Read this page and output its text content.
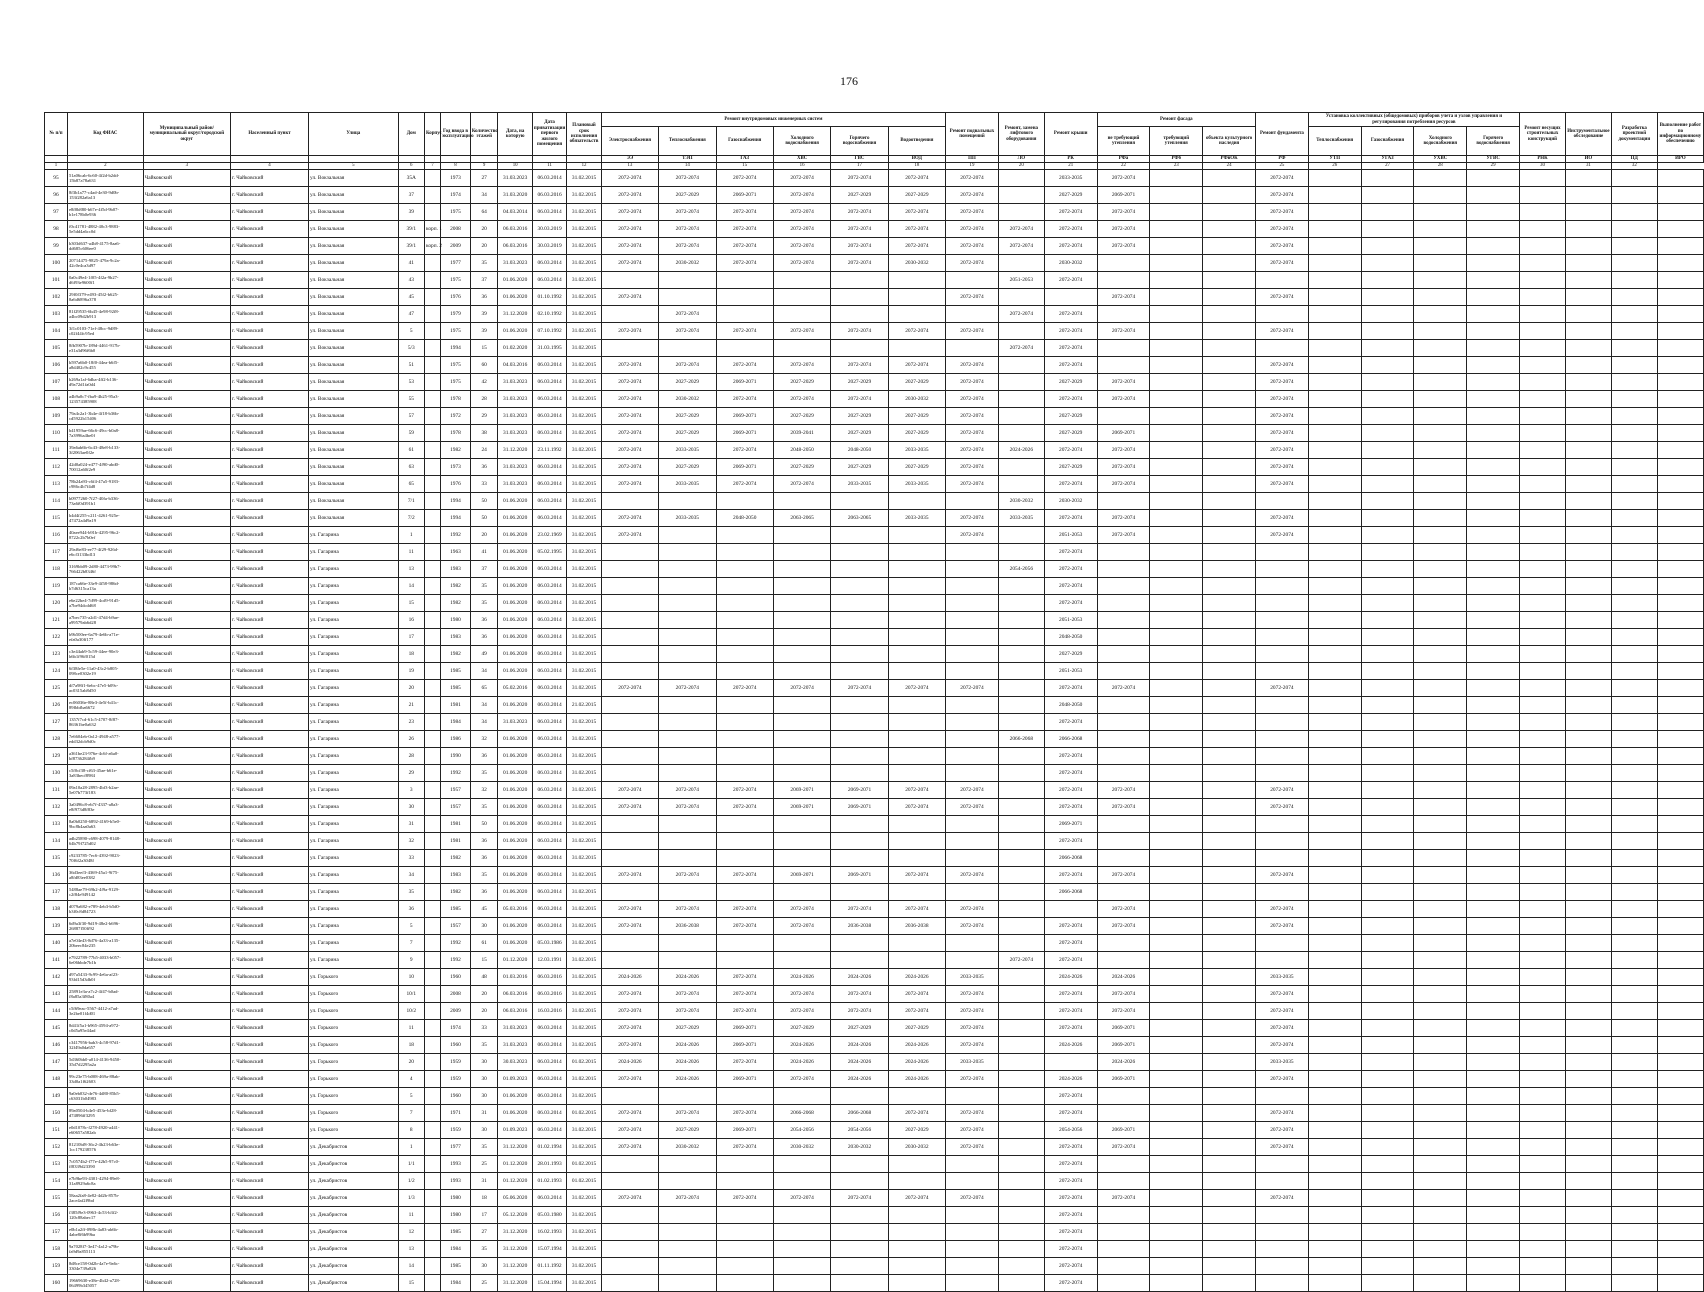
176
№ п/п	Код ФИАС	Муниципальный район/муниципальный округ/городской округ	Населенный пункт	Улица	Дом	Корпус	Год ввода в эксплуатацию	Количество этажей	Дата, на которую	Дата приватизации первого жилого помещения	Плановый срок исполнения обязательств	Ремонт внутридомовых инженерных систем						Ремонт подвальных помещений	Ремонт, замена лифтового оборудования	Ремонт крыши	Ремонт фасада			Ремонт фундамента	Установка коллективных (общедомовых) приборов учета и узлов управления и регулирования потребления ресурсов				Ремонт несущих строительных конструкций	Инструментальное обследование	Разработка проектной документации	Выполнение работ по информационному обеспечению
												Электроснабжения	Теплоснабжения	Газоснабжения	Холодного водоснабжения	Горячего водоснабжения	Водоотведения				не требующий утепления	требующий утепления	объекта культурного наследия		Теплоснабжения	Газоснабжения	Холодного водоснабжения	Горячего водоснабжения				
												ЭЭ	ТЭП	ГАЗ	ХВС	ГВС	ВОД	ПП	ЛО	РК	РФа	РФб	РФвОК	РФ	УТП	УГАЗ	УХВС	УГВС	РНК	ИО	ПД	ИРО
1	2	3	4	5	6	7	8	9	10	11	12	13	14	15	16	17	18	19	20	21	22	23	24	25	26	27	28	29	30	31	32	
95	51a06cab-6c60-4f2d-b2dd-15b87a78a631	Чайковский	г. Чайковский	ул. Вокзальная	35А		1973	27	31.03.2023	06.03.2014	31.02.2015	2072-2074	2072-2074	2072-2074	2072-2074	2072-2074	2072-2074	2072-2074		2033-2035	2072-2074			2072-2074								
96	8f3b1a77-c4ad-4e30-9d0b-153f282a6a13	Чайковский	г. Чайковский	ул. Вокзальная	37		1974	34	31.03.2020	06.03.2016	31.02.2015	2072-2074	2027-2029	2069-2071	2072-2074	2027-2029	2027-2029	2072-2074		2027-2029	2069-2071			2072-2074								
97	e8f0b880-b67e-4f5d-9b07-b1e178b0e936	Чайковский	г. Чайковский	ул. Вокзальная	39		1975	64	04.03.2014	06.03.2014	31.02.2015	2072-2074	2072-2074	2072-2074	2072-2074	2072-2074	2072-2074	2072-2074		2072-2074	2072-2074			2072-2074								
98	f0c41781-4882-40c3-9883-5e5dd4a6cc0d	Чайковский	г. Чайковский	ул. Вокзальная	39/1	корп. 1	2008	20	06.03.2016	30.03.2019	31.02.2015	2072-2074	2072-2074	2072-2074	2072-2074	2072-2074	2072-2074	2072-2074	2072-2074	2072-2074	2072-2074			2072-2074								
99	b303d637-a4b8-4175-8aa6-dd685c606ee0	Чайковский	г. Чайковский	ул. Вокзальная	39/1	корп. 2	2009	20	06.03.2016	30.03.2019	31.02.2015	2072-2074	2072-2074	2072-2074	2072-2074	2072-2074	2072-2074	2072-2074	2072-2074	2072-2074	2072-2074			2072-2074								
100	20714475-9825-479a-9c2a-42c0e4ca3d97	Чайковский	г. Чайковский	ул. Вокзальная	41		1977	35	31.03.2023	06.03.2014	31.02.2015	2072-2074	2030-2032	2072-2074	2072-2074	2072-2074	2030-2032	2072-2074		2030-2032				2072-2074								
101	0a0c49e4-1f05-4f2a-9b27-d6f93e9600f1	Чайковский	г. Чайковский	ул. Вокзальная	43		1975	37	01.06.2020	06.03.2014	31.02.2015								2051-2053	2072-2074												
102	29f0f379-e493-45f2-b625-8a6d6896a378	Чайковский	г. Чайковский	ул. Вокзальная	45		1976	36	01.06.2020	01.10.1992	31.02.2015	2072-2074						2072-2074			2072-2074			2072-2074								
103	81f29535-6b45-4e98-92f8-a4bc09d2b913	Чайковский	г. Чайковский	ул. Вокзальная	47		1979	39	31.12.2020	02.10.1992	31.02.2015		2072-2074						2072-2074	2072-2074												
104	3f1c0103-71ef-48cc-9d89-c02f44fc95ed	Чайковский	г. Чайковский	ул. Вокзальная	5		1975	39	01.06.2020	07.10.1992	31.02.2015	2072-2074	2072-2074	2072-2074	2072-2074	2072-2074	2072-2074	2072-2074		2072-2074	2072-2074			2072-2074								
105	8fb5907b-189d-4461-917b-e31a3d96f6b0	Чайковский	г. Чайковский	ул. Вокзальная	5/3		1994	15	01.02.2020	31.03.1995	31.02.2015								2072-2074	2072-2074												
106	b597a6b0-18f0-44ea-b6f5-a8d402c9c455	Чайковский	г. Чайковский	ул. Вокзальная	51		1975	60	04.03.2016	06.03.2014	31.02.2015	2072-2074	2072-2074	2072-2074	2072-2074	2072-2074	2072-2074	2072-2074		2072-2074				2072-2074								
107	b269a1af-6dba-4ff2-b136-d9a72d1fa0d4	Чайковский	г. Чайковский	ул. Вокзальная	53		1975	42	31.03.2023	06.03.2014	31.02.2015	2072-2074	2027-2029	2069-2071	2027-2029	2027-2029	2027-2029	2072-2074		2027-2029	2072-2074			2072-2074								
108	a4b9a0c7-fba9-4b25-95a3-123574385908	Чайковский	г. Чайковский	ул. Вокзальная	55		1978	28	31.03.2023	06.03.2014	31.02.2015	2072-2074	2030-2032	2072-2074	2072-2074	2072-2074	2030-2032	2072-2074		2072-2074	2072-2074			2072-2074								
109	79a4c2a1-3b4e-4f18-b36b-cd5922b15406	Чайковский	г. Чайковский	ул. Вокзальная	57		1972	29	31.03.2023	06.03.2014	31.02.2015	2072-2074	2027-2029	2069-2071	2027-2029	2027-2029	2027-2029	2072-2074		2027-2029				2072-2074								
110	b41959ae-66c6-49cc-b0a8-7a3996a4be0f	Чайковский	г. Чайковский	ул. Вокзальная	59		1978	38	31.03.2023	06.03.2014	31.02.2015	2072-2074	2027-2029	2069-2071	2039-2041	2027-2029	2027-2029	2072-2074		2027-2029	2069-2071			2072-2074								
111	39a6ab6b-6c43-48e8-b133-3f2063ae0f2e	Чайковский	г. Чайковский	ул. Вокзальная	61		1982	24	31.12.2020	23.11.1992	31.02.2015	2072-2074	2033-2035	2072-2074	2048-2050	2048-2050	2033-2035	2072-2074	2024-2026	2072-2074	2072-2074			2072-2074								
112	42d0a024-e477-4f90-abd0-70012a60f2e9	Чайковский	г. Чайковский	ул. Вокзальная	63		1973	36	31.03.2023	06.03.2014	31.02.2015	2072-2074	2027-2029	2069-2071	2027-2029	2027-2029	2027-2029	2072-2074		2027-2029	2072-2074			2072-2074								
113	78b24a93-c6f4-47a5-9183-c986c4b7f4d8	Чайковский	г. Чайковский	ул. Вокзальная	65		1976	33	31.03.2023	06.03.2014	31.02.2015	2072-2074	2033-2035	2072-2074	2072-2074	2033-2035	2033-2035	2072-2074		2072-2074	2072-2074			2072-2074								
114	b0977260-7f27-40fa-b336-73a6f0d391b1	Чайковский	г. Чайковский	ул. Вокзальная	7/1		1994	50	01.06.2020	06.03.2014	31.02.2015								2030-2032	2030-2032												
115	b4d4f255-c211-4261-925e-47472a4d9a19	Чайковский	г. Чайковский	ул. Вокзальная	7/2		1994	50	01.06.2020	06.03.2014	31.02.2015	2072-2074	2033-2035	2048-2050	2063-2065	2063-2065	2033-2035	2072-2074	2033-2035	2072-2074	2072-2074			2072-2074								
116	40aee944-b91b-4295-96c2-8722c2b7b0ef	Чайковский	г. Чайковский	ул. Гагарина	1		1992	20	01.06.2020	23.02.1969	31.02.2015	2072-2074						2072-2074		2051-2053	2072-2074			2072-2074								
117	29af6e83-ee77-4f29-926d-e6cf3133bd13	Чайковский	г. Чайковский	ул. Гагарина	11		1963	41	01.06.2020	05.02.1995	31.02.2015									2072-2074												
118	3169bb09-2d80-4473-99b7-766422b8346f	Чайковский	г. Чайковский	ул. Гагарина	13		1983	37	01.06.2020	06.03.2014	31.02.2015								2054-2056	2072-2074												
119	187ca66e-33e9-4f58-986d-b7d6315ca13a	Чайковский	г. Чайковский	ул. Гагарина	14		1982	35	01.06.2020	06.03.2014	31.02.2015									2072-2074												
120	e6e22be4-7d99-4cd9-91d5-a7be94dcdd68	Чайковский	г. Чайковский	ул. Гагарина	15		1982	35	01.06.2020	06.03.2014	31.02.2015									2072-2074												
121	a7bec735-a2d1-47d4-b9ae-a99579ab6d28	Чайковский	г. Чайковский	ул. Гагарина	16		1980	36	01.06.2020	06.03.2014	31.02.2015									2051-2053												
122	b9b500ee-6a79-4e6b-a71e-efa0a30ff177	Чайковский	г. Чайковский	ул. Гагарина	17		1983	36	01.06.2020	06.03.2014	31.02.2015									2048-2050												
123	c3e44ab9-5c59-44ee-90e3-b6b1f96f015d	Чайковский	г. Чайковский	ул. Гагарина	18		1982	49	01.06.2020	06.03.2014	31.02.2015									2027-2029												
124	6f38fe5e-11a0-43c2-b805-098ce0302e19	Чайковский	г. Чайковский	ул. Гагарина	19		1985	34	01.06.2020	06.03.2014	31.02.2015									2051-2053												
125	df7a98f1-6ebc-47e5-b09c-ac0315ab8d50	Чайковский	г. Чайковский	ул. Гагарина	20		1985	65	05.02.2016	06.03.2014	31.02.2015	2072-2074	2072-2074	2072-2074	2072-2074	2072-2074	2072-2074	2072-2074		2072-2074	2072-2074			2072-2074								
126	ec06036e-88e3-4e5f-b41c-89fbbfba6672	Чайковский	г. Чайковский	ул. Гагарина	21		1981	34	01.06.2020	06.03.2014	21.02.2015									2048-2050												
127	1357f7cd-61c5-4707-8f87-86361be0a632	Чайковский	г. Чайковский	ул. Гагарина	23		1984	34	31.03.2023	06.03.2014	31.02.2015									2072-2074												
128	7e6604eb-0a12-4948-a577-edd32dcb9d0c	Чайковский	г. Чайковский	ул. Гагарина	26		1986	32	01.06.2020	06.03.2014	31.02.2015								2066-2068	2066-2068												
129	a361be23-976e-4c6f-a6a0-bf8736284fb9	Чайковский	г. Чайковский	ул. Гагарина	28		1990	36	01.06.2020	06.03.2014	31.02.2015									2072-2074												
130	c5f0cf38-cf63-45ae-b61e-3a83becf8984	Чайковский	г. Чайковский	ул. Гагарина	29		1992	35	01.06.2020	06.03.2014	31.02.2015									2072-2074												
131	09a10a28-2895-4bf3-b2ae-5e07b773f183	Чайковский	г. Чайковский	ул. Гагарина	3		1957	32	01.06.2020	06.03.2014	31.02.2015	2072-2074	2072-2074	2072-2074	2069-2071	2069-2071	2072-2074	2072-2074		2072-2074	2072-2074			2072-2074								
132	3a0496c8-eb7f-4337-a8a3-e8f973d8f83e	Чайковский	г. Чайковский	ул. Гагарина	30		1957	35	01.06.2020	06.03.2014	31.02.2015	2072-2074	2072-2074	2072-2074	2069-2071	2069-2071	2072-2074	2072-2074		2072-2074	2072-2074			2072-2074								
133	8a0b0250-6892-4169-b5e0-9bc8b4aa0a63	Чайковский	г. Чайковский	ул. Гагарина	31		1981	50	01.06.2020	06.03.2014	31.02.2015									2069-2071												
134	adb25890-c698-4079-8148-64b79f725d02	Чайковский	г. Чайковский	ул. Гагарина	32		1981	36	01.06.2020	06.03.2014	31.02.2015									2072-2074												
135	c9233785-7ec6-4392-9023-70f6f2a3048f	Чайковский	г. Чайковский	ул. Гагарина	33		1982	36	01.06.2020	06.03.2014	31.02.2015									2066-2068												
136	36d3eef3-4369-45a1-9f75-a8fd83ee0382	Чайковский	г. Чайковский	ул. Гагарина	34		1983	35	01.06.2020	06.03.2014	31.02.2015	2072-2074	2072-2074	2072-2074	2069-2071	2069-2071	2072-2074	2072-2074		2072-2074	2072-2074			2072-2074								
137	5488ae79-69b2-4f9a-9129-c2f84e949142	Чайковский	г. Чайковский	ул. Гагарина	35		1982	36	01.06.2020	06.03.2014	31.02.2015									2066-2068												
138	d079a682-e789-4eb3-b5d0-b3f0c8d84723	Чайковский	г. Чайковский	ул. Гагарина	36		1985	45	05.03.2016	06.03.2014	31.02.2015	2072-2074	2072-2074	2072-2074	2072-2074	2072-2074	2072-2074	2072-2074			2072-2074			2072-2074								
139	6d9a3f30-9d19-48e2-b696-26887f50ff92	Чайковский	г. Чайковский	ул. Гагарина	5		1957	30	01.06.2020	06.03.2014	31.02.2015	2072-2074	2036-2038	2072-2074	2072-2074	2036-2038	2036-2038	2072-2074		2072-2074	2072-2074			2072-2074								
140	a7e04e43-8d76-4a33-a135-20beec84e235	Чайковский	г. Чайковский	ул. Гагарина	7		1992	61	01.06.2020	05.03.1986	31.02.2015									2072-2074												
141	e7922789-77b5-4033-b057-6e06bbde7b1b	Чайковский	г. Чайковский	ул. Гагарина	9		1992	15	01.12.2020	12.03.1991	31.02.2015								2072-2074	2072-2074												
142	d97a5433-9c99-4e6a-af23-93fd15d3db0f	Чайковский	г. Чайковский	ул. Горького	10		1960	48	01.03.2016	06.03.2016	31.02.2015	2024-2026	2024-2026	2072-2074	2024-2026	2024-2026	2024-2026	2033-2035		2024-2026	2024-2026			2033-2035								
143	25891e3a-a7c2-4f47-b0ad-f8a85a3f80a4	Чайковский	г. Чайковский	ул. Горького	10/1		2008	20	06.03.2016	06.03.2016	31.02.2015	2072-2074	2072-2074	2072-2074	2072-2074	2072-2074	2072-2074	2072-2074		2072-2074	2072-2074			2072-2074								
144	c5f69eac-5567-4412-a7ad-3e2be01f4d01	Чайковский	г. Чайковский	ул. Горького	10/2		2009	20	06.03.2016	16.03.2016	31.02.2015	2072-2074	2072-2074	2072-2074	2072-2074	2072-2074	2072-2074	2072-2074		2072-2074	2072-2074			2072-2074								
145	8d41f5a1-b965-4594-a972-c0d5a95e44ad	Чайковский	г. Чайковский	ул. Горького	11		1974	33	31.03.2023	06.03.2014	31.02.2015	2072-2074	2027-2029	2069-2071	2027-2029	2027-2029	2027-2029	2072-2074		2072-2074	2069-2071			2072-2074								
146	c3417956-bab3-4c58-97d1-32f49a0da657	Чайковский	г. Чайковский	ул. Горького	18		1960	35	31.03.2023	06.03.2014	31.02.2015	2072-2074	2024-2026	2069-2071	2024-2026	2024-2026	2024-2026	2072-2074		2024-2026	2069-2071			2072-2074								
147	5d360bb0-a014-4136-9450-35d7d2295a2a	Чайковский	г. Чайковский	ул. Горького	20		1959	30	30.03.2023	06.03.2014	01.02.2015	2024-2026	2024-2026	2072-2074	2024-2026	2024-2026	2024-2026	2033-2035			2024-2026			2033-2035								
148	99c23e75-b008-469a-88ab-33d0a1f62603	Чайковский	г. Чайковский	ул. Горького	4		1959	30	01.09.2023	06.03.2014	31.02.2015	2072-2074	2024-2026	2069-2071	2072-2074	2024-2026	2024-2026	2072-2074		2024-2026	2069-2071			2072-2074								
149	9a0eb032-de76-4d80-85b5-c63031b04983	Чайковский	г. Чайковский	ул. Горького	5		1960	30	01.06.2020	06.03.2014	31.02.2015									2072-2074												
150	89a0504-b4e5-453e-bf28-d74896ff3295	Чайковский	г. Чайковский	ул. Горького	7		1971	31	01.06.2020	06.03.2014	01.02.2015	2072-2074	2072-2074	2072-2074	2066-2068	2066-2068	2072-2074	2072-2074		2072-2074				2072-2074								
151	e0d1078c-f278-4920-a441-e60657a582ab	Чайковский	г. Чайковский	ул. Горького	8		1959	30	01.09.2023	06.03.2014	31.02.2015	2072-2074	2027-2029	2069-2071	2054-2056	2054-2056	2027-2029	2072-2074		2054-2056	2069-2071			2072-2074								
152	81210bf8-36c2-4b23-b63e-1cc179238576	Чайковский	г. Чайковский	ул. Декабристов	1		1977	35	31.12.2020	01.02.1994	31.02.2015	2072-2074	2030-2032	2072-2074	2030-2032	2030-2032	2030-2032	2072-2074		2072-2074	2072-2074			2072-2074								
153	7c0574b2-f77e-42b5-97c0-ff8339d23390	Чайковский	г. Чайковский	ул. Декабристов	1/1		1993	25	01.12.2020	28.01.1993	01.02.2015									2072-2074												
154	e7b9be93-4301-4294-89e8-31a8929a6c8a	Чайковский	г. Чайковский	ул. Декабристов	1/2		1993	31	01.12.2020	01.02.1993	01.02.2015									2072-2074												
155	58aa2fa8-4e82-4d2b-857b-2ace4af2f9bd	Чайковский	г. Чайковский	ул. Декабристов	1/3		1980	18	05.06.2020	06.03.2014	31.02.2015	2072-2074	2072-2074	2072-2074	2072-2074	2072-2074	2072-2074	2072-2074		2072-2074	2072-2074			2072-2074								
156	f385f9e3-0963-4c53-b3f2-120c88abec17	Чайковский	г. Чайковский	ул. Декабристов	11		1980	17	05.12.2020	05.03.1980	31.02.2015									2072-2074												
157	e0b1a2ff-098b-4a83-ab6b-4abe8f6b99ba	Чайковский	г. Чайковский	ул. Декабристов	12		1985	27	31.12.2020	16.02.1993	31.02.2015									2072-2074												
158	9a7028f7-3e47-4a12-a79b-fa9d9a855113	Чайковский	г. Чайковский	ул. Декабристов	13		1984	35	31.12.2020	15.07.1994	31.02.2015									2072-2074												
159	8d8ce158-0d2b-4a7e-9a6c-3304e739a826	Чайковский	г. Чайковский	ул. Декабристов	14		1985	30	31.12.2020	01.11.1992	31.02.2015									2072-2074												
160	19669630-e38e-4b42-a728-06499b345057	Чайковский	г. Чайковский	ул. Декабристов	15		1984	25	31.12.2020	15.04.1994	31.02.2015									2072-2074												
